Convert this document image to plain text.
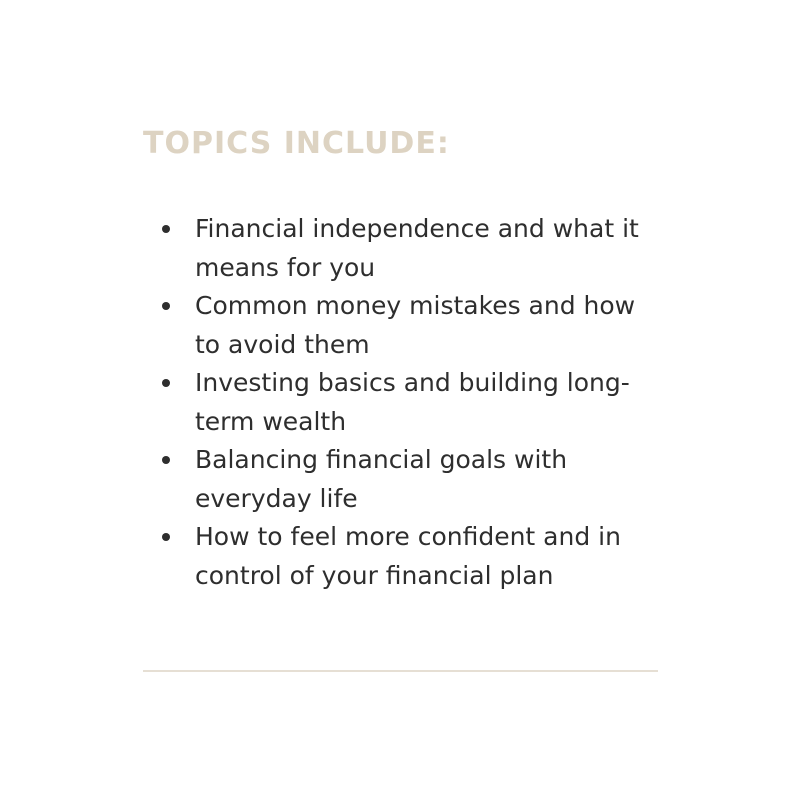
TOPICS INCLUDE:
Financial independence and what it means for you
Common money mistakes and how to avoid them
Investing basics and building long-term wealth
Balancing financial goals with everyday life
How to feel more confident and in control of your financial plan
